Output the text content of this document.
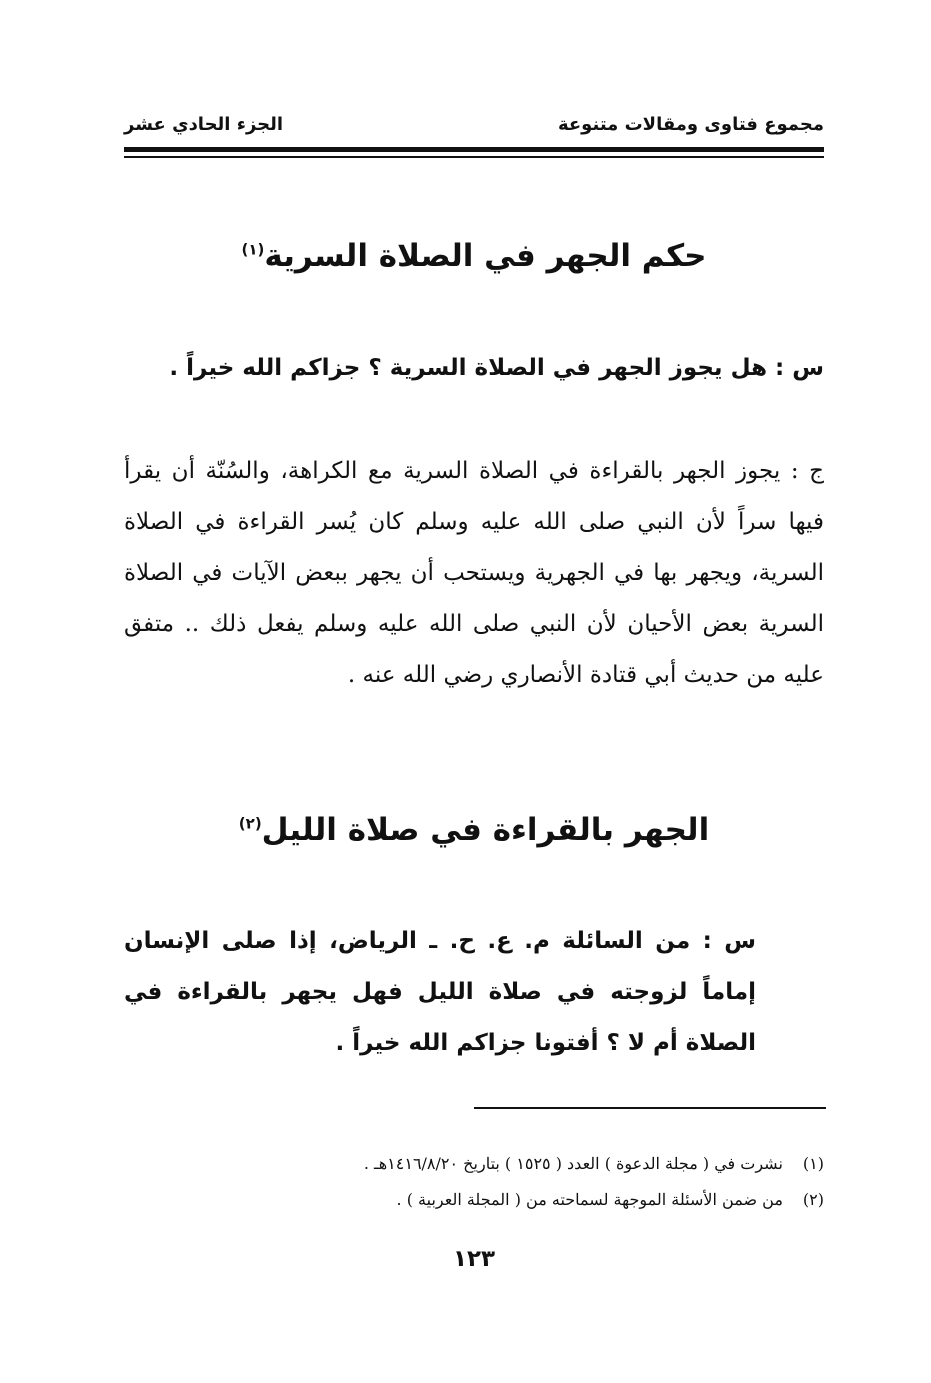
مجموع فتاوى ومقالات متنوعة
الجزء الحادي عشر
حكم الجهر في الصلاة السرية$^{(١)}$

س : هل يجوز الجهر في الصلاة السرية ؟ جزاكم الله خيراً .

ج : يجوز الجهر بالقراءة في الصلاة السرية مع الكراهة، والسُنّة أن يقرأ فيها سراً لأن النبي صلى الله عليه وسلم كان يُسر القراءة في الصلاة السرية، ويجهر بها في الجهرية ويستحب أن يجهر ببعض الآيات في الصلاة السرية بعض الأحيان لأن النبي صلى الله عليه وسلم يفعل ذلك .. متفق عليه من حديث أبي قتادة الأنصاري رضي الله عنه .

الجهر بالقراءة في صلاة الليل$^{(٢)}$

س : من السائلة م. ع. ح. ـ الرياض، إذا صلى الإنسان إماماً لزوجته في صلاة الليل فهل يجهر بالقراءة في الصلاة أم لا ؟ أفتونا جزاكم الله خيراً .

(١) نشرت في ( مجلة الدعوة ) العدد ( ١٥٢٥ ) بتاريخ ١٤١٦/٨/٢٠هـ .
(٢) من ضمن الأسئلة الموجهة لسماحته من ( المجلة العربية ) .
١٢٣
